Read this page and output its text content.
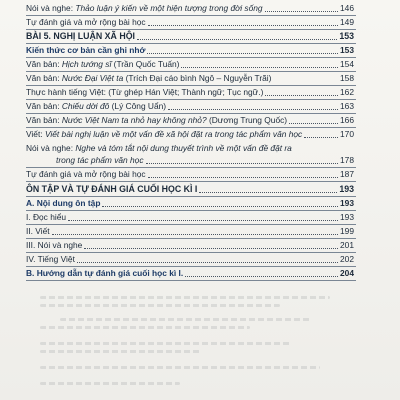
Nói và nghe: Thảo luận ý kiến về một hiện tượng trong đời sống	146
Tự đánh giá và mở rộng bài học	149
BÀI 5. NGHỊ LUẬN XÃ HỘI	153
Kiến thức cơ bản cần ghi nhớ	153
Văn bản: Hịch tướng sĩ (Trần Quốc Tuấn)	154
Văn bản: Nước Đại Việt ta (Trích Đại cáo bình Ngô – Nguyễn Trãi)	158
Thực hành tiếng Việt: (Từ ghép Hán Việt; Thành ngữ; Tục ngữ.)	162
Văn bản: Chiếu dời đô (Lý Công Uẩn)	163
Văn bản: Nước Việt Nam ta nhỏ hay không nhỏ? (Dương Trung Quốc)	166
Viết: Viết bài nghị luận về một vấn đề xã hội đặt ra trong tác phẩm văn học	170
Nói và nghe: Nghe và tóm tắt nội dung thuyết trình về một vấn đề đặt ra
trong tác phẩm văn học	178
Tự đánh giá và mở rộng bài học	187
ÔN TẬP VÀ TỰ ĐÁNH GIÁ CUỐI HỌC KÌ I	193
A. Nội dung ôn tập	193
I. Đọc hiểu	193
II. Viết	199
III. Nói và nghe	201
IV. Tiếng Việt	202
B. Hướng dẫn tự đánh giá cuối học kì I.	204
